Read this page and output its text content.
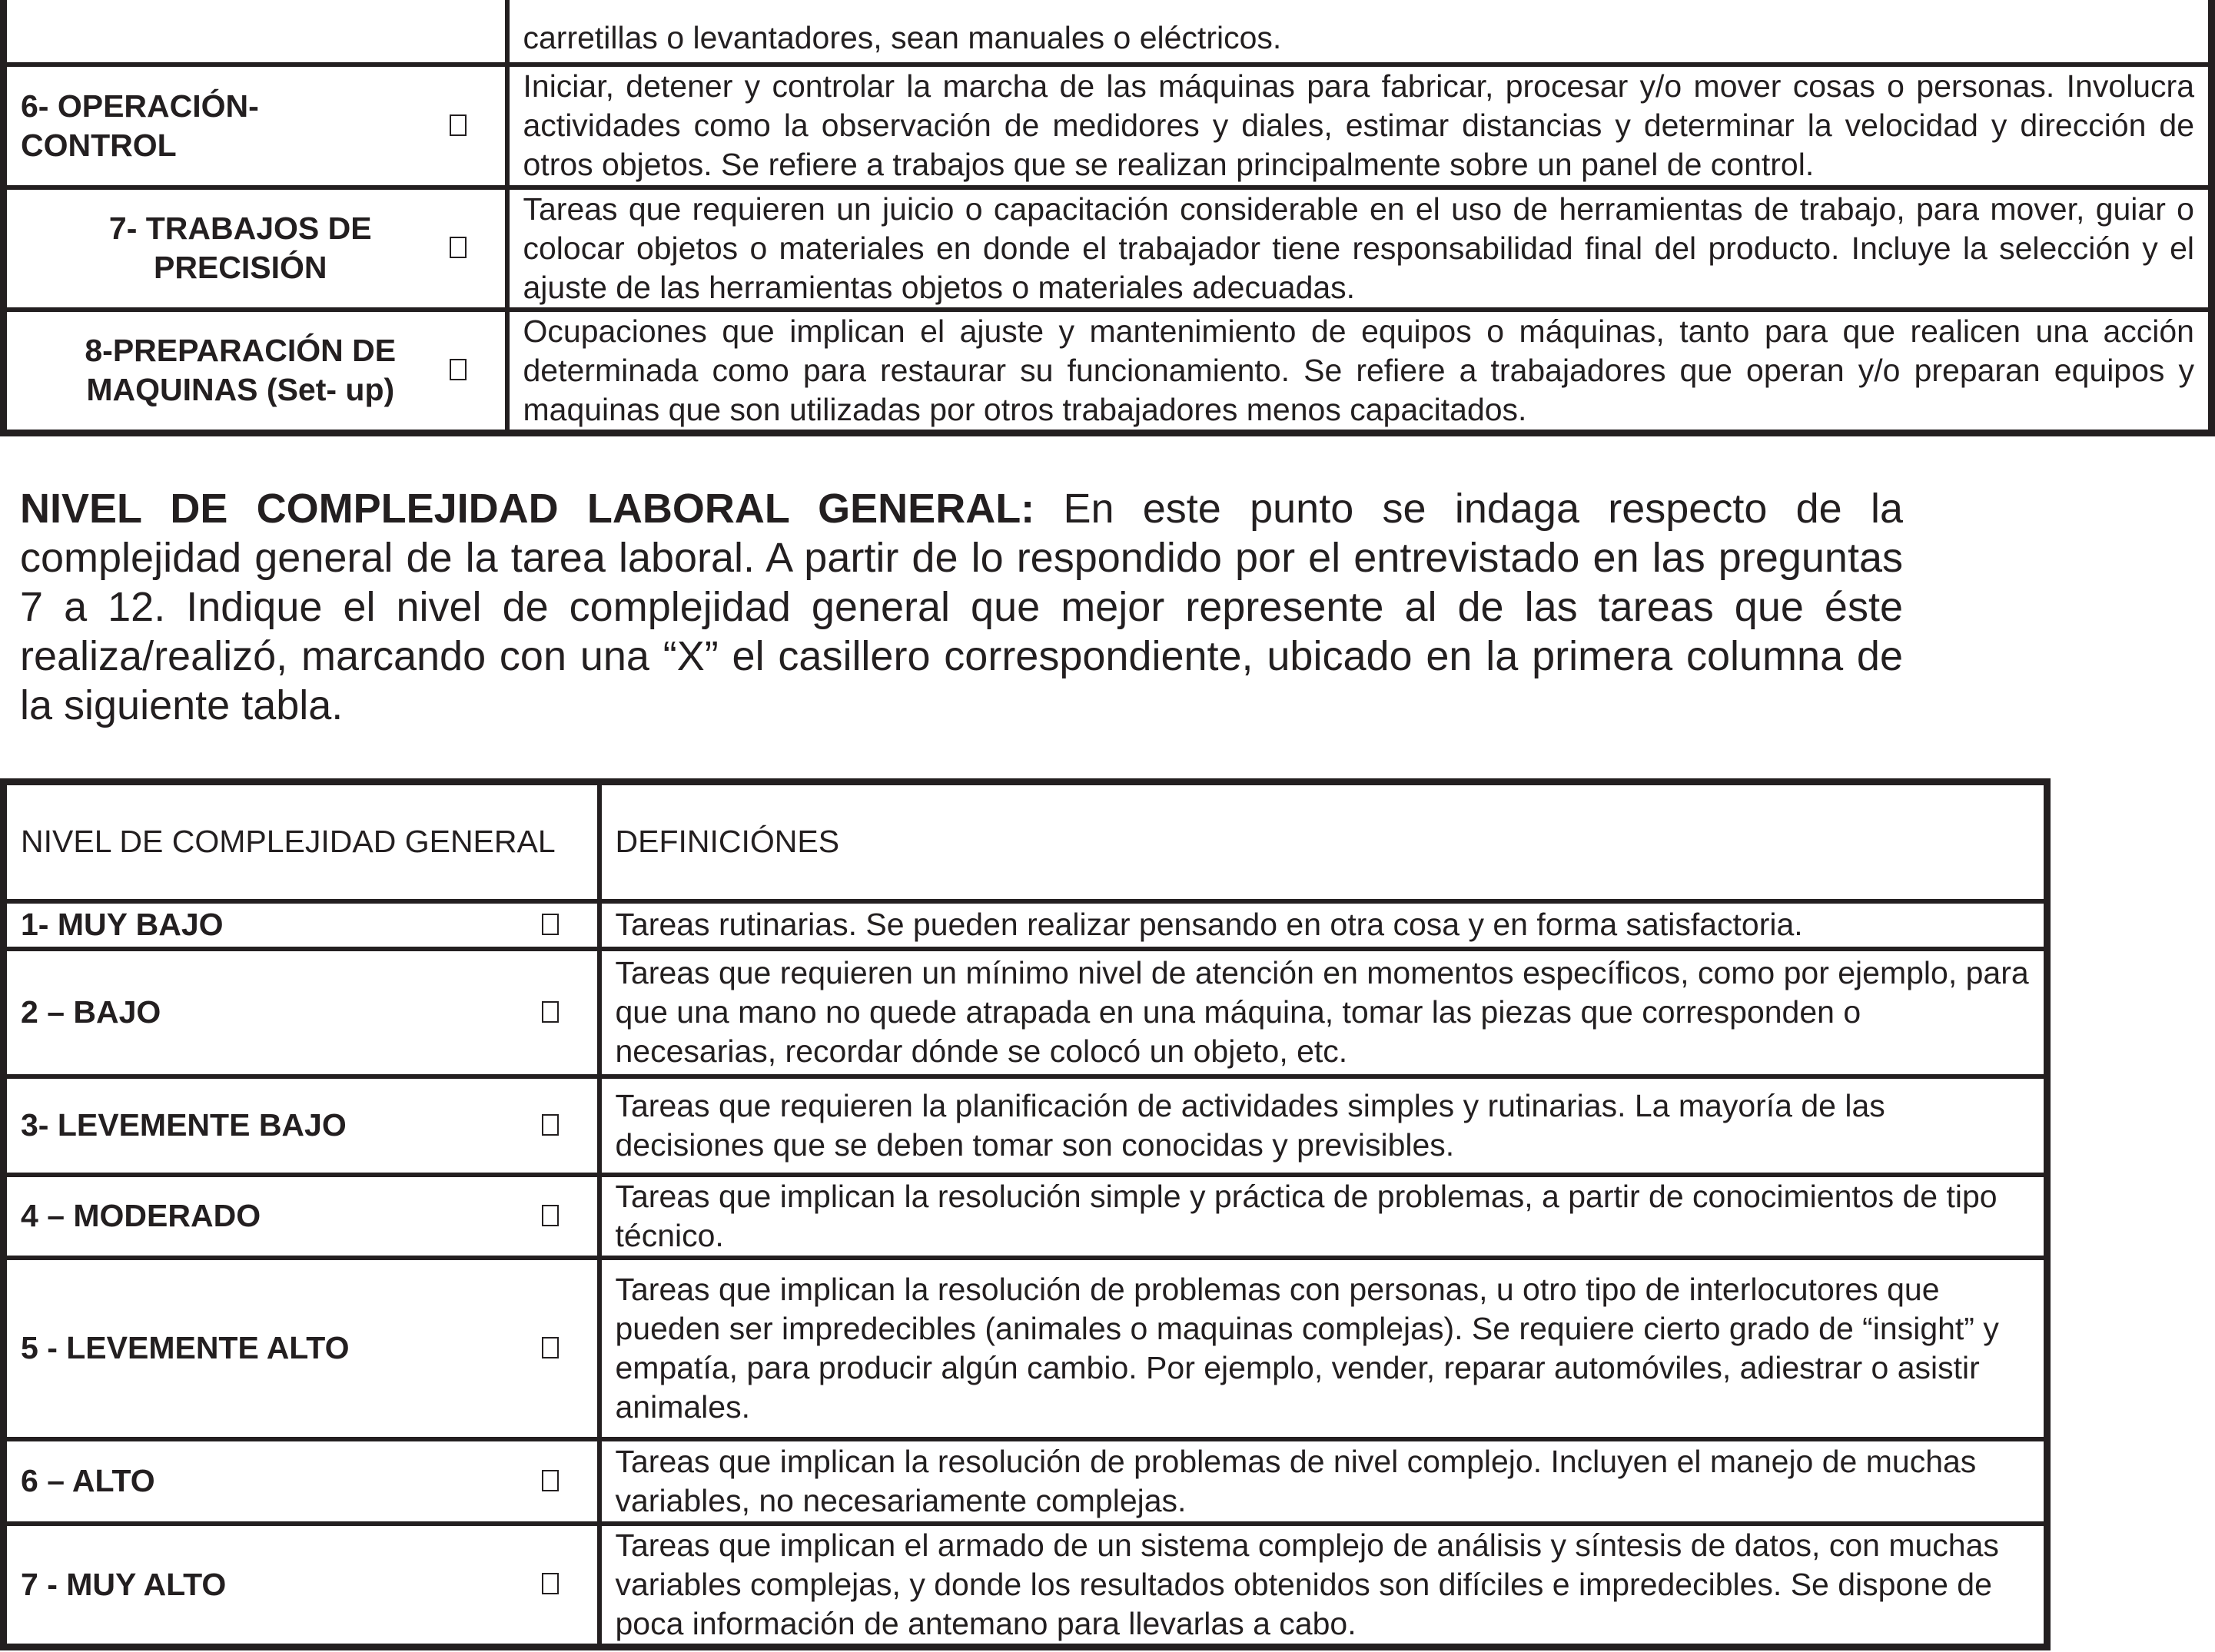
	carretillas o levantadores, sean manuales o eléctricos.
6- OPERACIÓN-
CONTROL	Iniciar, detener y controlar la marcha de las máquinas para fabricar, procesar y/o mover cosas o personas. Involucra actividades como la observación de medidores y diales, estimar distancias y determinar la velocidad y dirección de otros objetos. Se refiere a trabajos que se realizan principalmente sobre un panel de control.

7- TRABAJOS DE
PRECISIÓN	Tareas que requieren un juicio o capacitación considerable en el uso de herramientas de trabajo, para mover, guiar o colocar objetos o materiales en donde el trabajador tiene responsabilidad final del producto. Incluye la selección y el ajuste de las herramientas objetos o materiales adecuadas.

8-PREPARACIÓN DE
MAQUINAS (Set- up)	Ocupaciones que implican el ajuste y mantenimiento de equipos o máquinas, tanto para que realicen una acción determinada como para restaurar su funcionamiento. Se refiere a trabajadores que operan y/o preparan equipos y maquinas que son utilizadas por otros trabajadores menos capacitados.

NIVEL DE COMPLEJIDAD LABORAL GENERAL: En este punto se indaga respecto de la complejidad general de la tarea laboral. A partir de lo respondido por el entrevistado en las preguntas 7 a 12. Indique el nivel de complejidad general que mejor represente al de las tareas que éste realiza/realizó, marcando con una “X” el casillero correspondiente, ubicado en la primera columna de la siguiente tabla.

NIVEL DE COMPLEJIDAD GENERAL	DEFINICIÓNES
1- MUY BAJO	Tareas rutinarias. Se pueden realizar pensando en otra cosa y en forma satisfactoria.
2 – BAJO	Tareas que requieren un mínimo nivel de atención en momentos específicos, como por ejemplo, para que una mano no quede atrapada en una máquina, tomar las piezas que corresponden o necesarias, recordar dónde se colocó un objeto, etc.
3- LEVEMENTE BAJO	Tareas que requieren la planificación de actividades simples y rutinarias. La mayoría de las decisiones que se deben tomar son conocidas y previsibles.
4 – MODERADO	Tareas que implican la resolución simple y práctica de problemas, a partir de conocimientos de tipo técnico.
5 - LEVEMENTE ALTO	Tareas que implican la resolución de problemas con personas, u otro tipo de interlocutores que pueden ser impredecibles (animales o maquinas complejas). Se requiere cierto grado de “insight” y empatía, para producir algún cambio. Por ejemplo, vender, reparar automóviles, adiestrar o asistir animales.
6 – ALTO	Tareas que implican la resolución de problemas de nivel complejo. Incluyen el manejo de muchas variables, no necesariamente complejas.
7 - MUY ALTO	Tareas que implican el armado de un sistema complejo de análisis y síntesis de datos, con muchas variables complejas, y donde los resultados obtenidos son difíciles e impredecibles. Se dispone de poca información de antemano para llevarlas a cabo.
